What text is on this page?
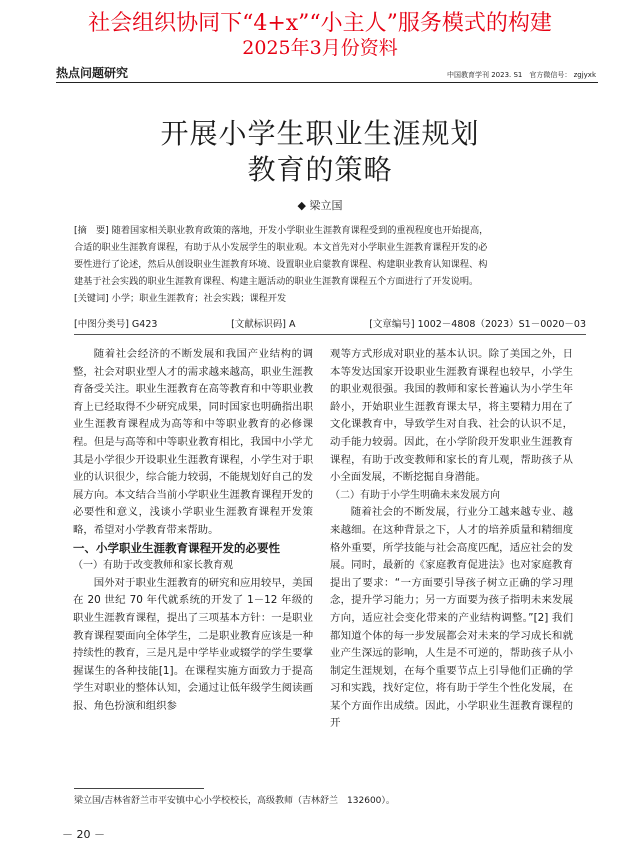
社会组织协同下“4+x”“小主人”服务模式的构建
2025年3月份资料
热点问题研究	中国教育学刊 2023. S1　官方微信号： zgjyxk
开展小学生职业生涯规划
教育的策略
◆ 梁立国

[摘　要] 随着国家相关职业教育政策的落地，开发小学职业生涯教育课程受到的重视程度也开始提高，

合适的职业生涯教育课程，有助于从小发展学生的职业观。本文首先对小学职业生涯教育课程开发的必

要性进行了论述，然后从创设职业生涯教育环境、设置职业启蒙教育课程、构建职业教育认知课程、构

建基于社会实践的职业生涯教育课程、构建主题活动的职业生涯教育课程五个方面进行了开发说明。

[关键词] 小学；职业生涯教育；社会实践；课程开发

[中图分类号] G423	[文献标识码] A	[文章编号] 1002－4808（2023）S1－0020－03

随着社会经济的不断发展和我国产业结构的调整，社会对职业型人才的需求越来越高，职业生涯教育备受关注。职业生涯教育在高等教育和中等职业教育上已经取得不少研究成果，同时国家也明确指出职业生涯教育课程成为高等和中等职业教育的必修课程。但是与高等和中等职业教育相比，我国中小学尤其是小学很少开设职业生涯教育课程，小学生对于职业的认识很少，综合能力较弱，不能规划好自己的发展方向。本文结合当前小学职业生涯教育课程开发的必要性和意义，浅谈小学职业生涯教育课程开发策略，希望对小学教育带来帮助。

一、小学职业生涯教育课程开发的必要性

（一）有助于改变教师和家长教育观

国外对于职业生涯教育的研究和应用较早，美国在 20 世纪 70 年代就系统的开发了 1－12 年级的职业生涯教育课程，提出了三项基本方针：一是职业教育课程要面向全体学生，二是职业教育应该是一种持续性的教育，三是凡是中学毕业或辍学的学生要掌握谋生的各种技能[1]。在课程实施方面致力于提高学生对职业的整体认知，会通过让低年级学生阅读画报、角色扮演和组织参

观等方式形成对职业的基本认识。除了美国之外，日本等发达国家开设职业生涯教育课程也较早，小学生的职业观很强。我国的教师和家长普遍认为小学生年龄小，开始职业生涯教育课太早，将主要精力用在了文化课教育中，导致学生对自我、社会的认识不足，动手能力较弱。因此，在小学阶段开发职业生涯教育课程，有助于改变教师和家长的育儿观，帮助孩子从小全面发展，不断挖掘自身潜能。

（二）有助于小学生明确未来发展方向

随着社会的不断发展，行业分工越来越专业、越来越细。在这种背景之下，人才的培养质量和精细度格外重要，所学技能与社会高度匹配，适应社会的发展。同时，最新的《家庭教育促进法》也对家庭教育提出了要求：“一方面要引导孩子树立正确的学习理念，提升学习能力；另一方面要为孩子指明未来发展方向，适应社会变化带来的产业结构调整。”[2] 我们都知道个体的每一步发展都会对未来的学习成长和就业产生深远的影响，人生是不可逆的，帮助孩子从小制定生涯规划，在每个重要节点上引导他们正确的学习和实践，找好定位，将有助于学生个性化发展，在某个方面作出成绩。因此，小学职业生涯教育课程的开

梁立国/吉林省舒兰市平安镇中心小学校校长，高级教师（吉林舒兰　132600）。
－ 20 －
